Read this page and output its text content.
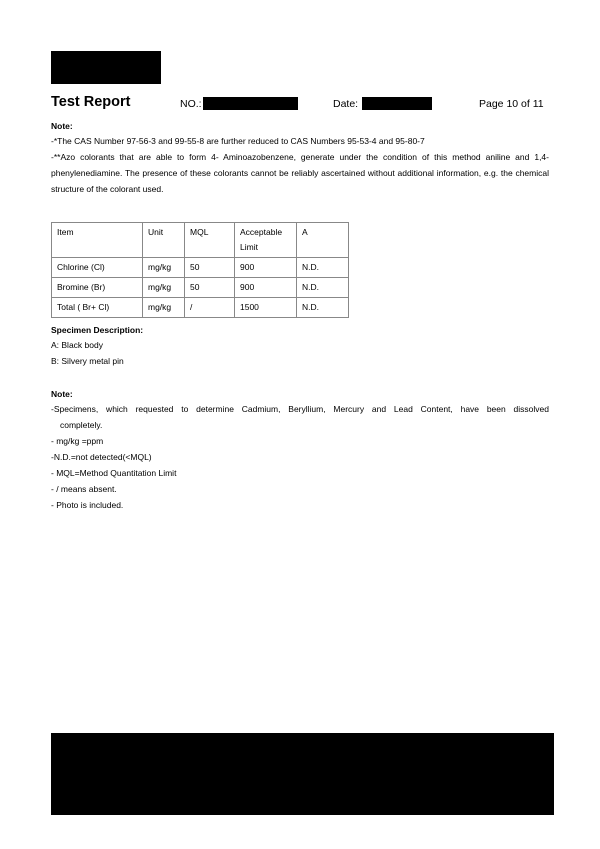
Test Report	NO.:	Date:	Page 10 of 11
Note:
-*The CAS Number 97-56-3 and 99-55-8 are further reduced to CAS Numbers 95-53-4 and 95-80-7
-**Azo colorants that are able to form 4- Aminoazobenzene, generate under the condition of this method aniline and 1,4-phenylenediamine. The presence of these colorants cannot be reliably ascertained without additional information, e.g. the chemical structure of the colorant used.
Item	Unit	MQL	Acceptable Limit	A
Chlorine (Cl)	mg/kg	50	900	N.D.
Bromine (Br)	mg/kg	50	900	N.D.
Total ( Br+ Cl)	mg/kg	/	1500	N.D.
Specimen Description:
A: Black body
B: Silvery metal pin
Note:
-Specimens, which requested to determine Cadmium, Beryllium, Mercury and Lead Content, have been dissolved
completely.
- mg/kg =ppm
-N.D.=not detected(<MQL)
- MQL=Method Quantitation Limit
- / means absent.
- Photo is included.
